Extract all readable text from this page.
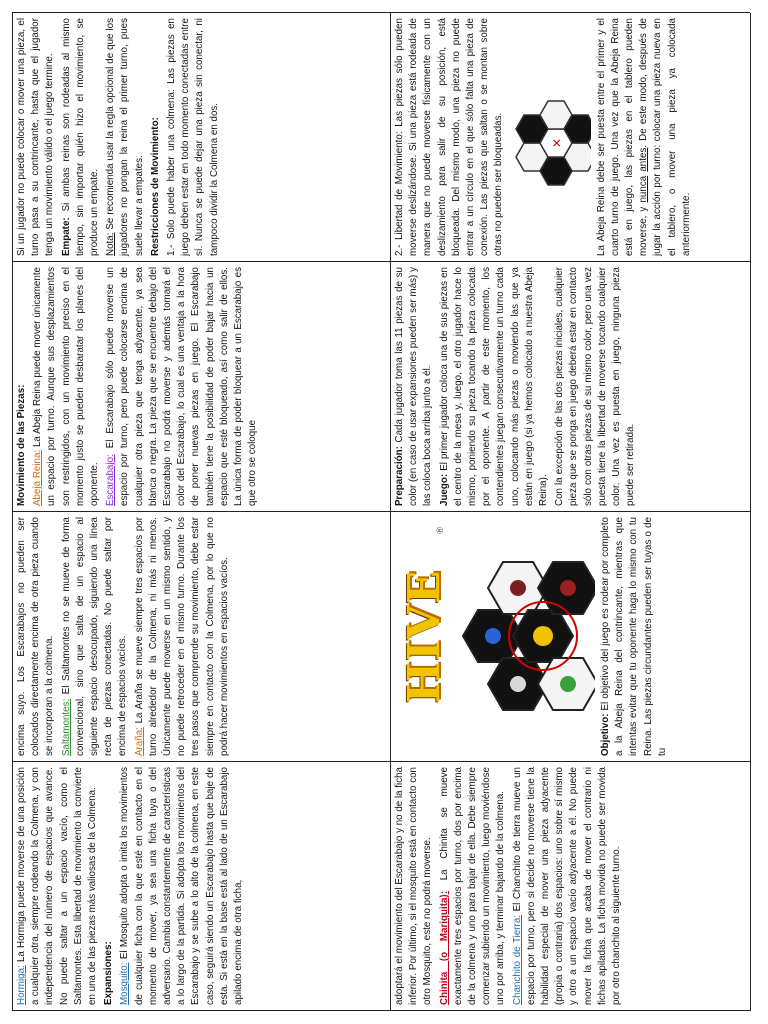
adoptará el movimiento del Escarabajo y no de la ficha inferior. Por último, si el mosquito está en contacto con otro Mosquito, este no podrá moverse. Chinita (o Mariquita): La Chinita se mueve exactamente tres espacios por turno, dos por encima de la colmena y uno para bajar de ella. Debe siempre comenzar subiendo un movimiento, luego moviéndose uno por arriba, y terminar bajando de la colmena. Chanchito de Tierra: El Chanchito de tierra mueve un espacio por turno, pero si decide no moverse tiene la habilidad especial de mover una pieza adyacente (propia o contraria) dos espacios: uno sobre sí mismo y otro a un espacio vacío adyacente a él. No puede mover la ficha que acaba de mover el contrario ni fichas apiladas. La ficha movida no puede ser movida por otro chanchito al siguiente turno.

Hormiga: La Hormiga puede moverse de una posición a cualquier otra, siempre rodeando la Colmena, y con independencia del número de espacios que avance. No puede saltar a un espacio vacío, como el Saltamontes. Esta libertad de movimiento la convierte en una de las piezas más valiosas de la Colmena. Expansiones: Mosquito: El Mosquito adopta o imita los movimientos de cualquier ficha con la que esté en contacto en el momento de mover, ya sea una ficha tuya o del adversario. Cambia constantemente de características a lo largo de la partida. Si adopta los movimientos del Escarabajo y se sube a lo alto de la colmena, en este caso, seguirá siendo un Escarabajo hasta que baje de esta. Si está en la base está al lado de un Escarabajo apilado encima de otra ficha,

encima suyo. Los Escarabajos no pueden ser colocados directamente encima de otra pieza cuando se incorporan a la colmena. Saltamontes: El Saltamontes no se mueve de forma convencional, sino que salta de un espacio al siguiente espacio desocupado, siguiendo una línea recta de piezas conectadas. No puede saltar por encima de espacios vacíos. Araña: La Araña se mueve siempre tres espacios por turno alrededor de la Colmena, ni más ni menos. Únicamente puede moverse en un mismo sentido, y no puede retroceder en el mismo turno. Durante los tres pasos que comprende su movimiento, debe estar siempre en contacto con la Colmena, por lo que no podrá hacer movimientos en espacios vacíos.	HIVE
®

Objetivo: El objetivo del juego es rodear por completo a la Abeja Reina del contrincante, mientras que intentas evitar que tu oponente haga lo mismo con tu Reina. Las piezas circundantes pueden ser tuyas o de tu

Movimiento de las Piezas: Abeja Reina: La Abeja Reina puede mover únicamente un espacio por turno. Aunque sus desplazamientos son restringidos, con un movimiento preciso en el momento justo se pueden desbaratar los planes del oponente. Escarabajo: El Escarabajo sólo puede moverse un espacio por turno, pero puede colocarse encima de cualquier otra pieza que tenga adyacente, ya sea blanca o negra. La pieza que se encuentre debajo del Escarabajo no podrá moverse y además tomará el color del Escarabajo, lo cual es una ventaja a la hora de poner nuevas piezas en juego. El Escarabajo también tiene la posibilidad de poder bajar hacia un espacio que esté bloqueado, así como salir de ellos. La única forma de poder bloquear a un Escarabajo es que otro se coloque	Preparación: Cada jugador toma las 11 piezas de su color (en caso de usar expansiones pueden ser más) y las coloca boca arriba junto a él. Juego: El primer jugador coloca una de sus piezas en el centro de la mesa y, luego, el otro jugador hace lo mismo, poniendo su pieza tocando la pieza colocada por el oponente. A partir de este momento, los contendientes juegan consecutivamente un turno cada uno, colocando más piezas o moviendo las que ya están en juego (si ya hemos colocado a nuestra Abeja Reina). Con la excepción de las dos piezas iniciales, cualquier pieza que se ponga en juego deberá estar en contacto sólo con otras piezas de su mismo color, pero una vez puesta tiene la libertad de moverse tocando cualquier color. Una vez es puesta en juego, ninguna pieza puede ser retirada.

Si un jugador no puede colocar o mover una pieza, el turno pasa a su contrincante, hasta que el jugador tenga un movimiento válido o el juego termine. Empate: Si ambas reinas son rodeadas al mismo tiempo, sin importar quién hizo el movimiento, se produce un empate. Nota: Se recomienda usar la regla opcional de que los jugadores no pongan la reina el primer turno, pues suele llevar a empates. Restricciones de Movimiento: 1.- Solo puede haber una colmena: Las piezas en juego deben estar en todo momento conectadas entre sí. Nunca se puede dejar una pieza sin conectar, ni tampoco dividir la Colmena en dos.	2.- Libertad de Movimiento: Las piezas sólo pueden moverse deslizándose. Si una pieza está rodeada de manera que no puede moverse físicamente con un deslizamiento para salir de su posición, está bloqueada. Del mismo modo, una pieza no puede entrar a un círculo en el que sólo falta una pieza de conexión. Las piezas que saltan o se montan sobre otras no pueden ser bloqueadas.	✕	La Abeja Reina debe ser puesta entre el primer y el cuarto turno de juego. Una vez que la Abeja Reina está en juego, las piezas en el tablero pueden moverse, y nunca antes. De este modo, después de jugar la acción por turno: colocar una pieza nueva en el tablero, o mover una pieza ya colocada anteriormente.
